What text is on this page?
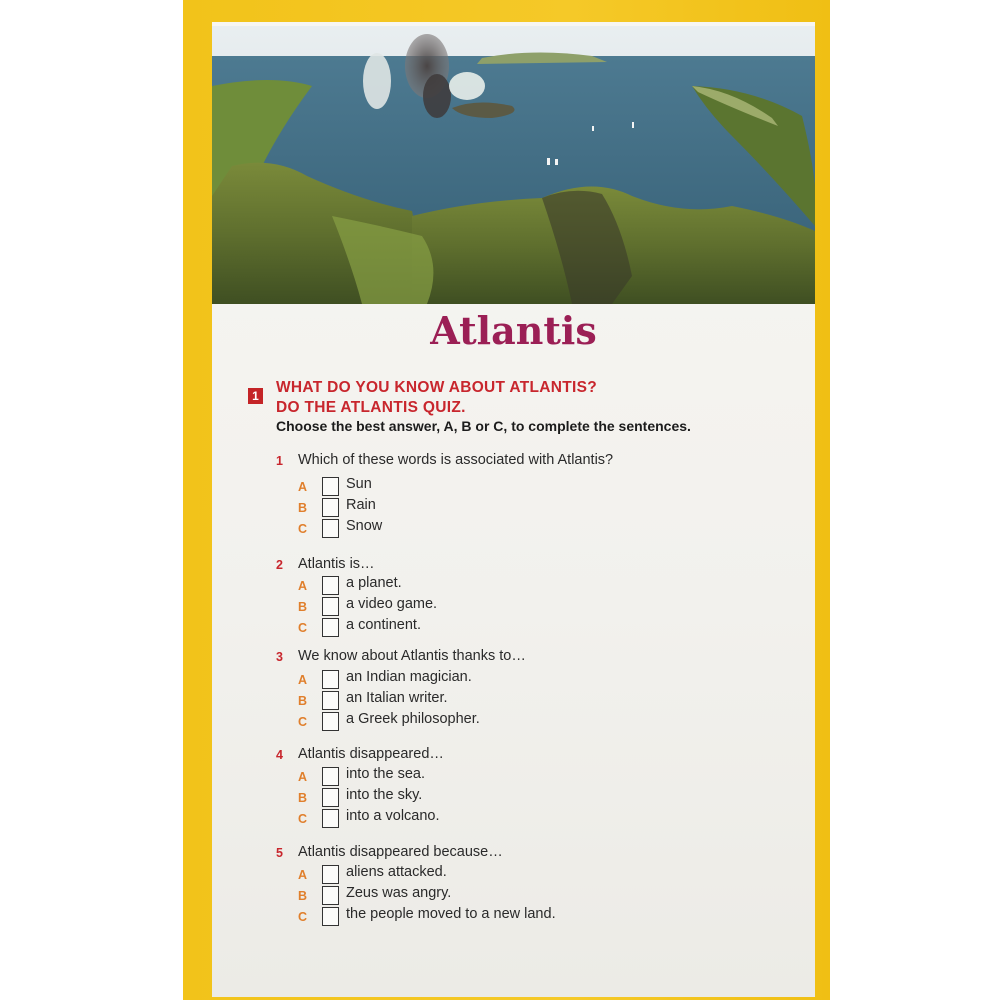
Atlantis
1 WHAT DO YOU KNOW ABOUT ATLANTIS?
DO THE ATLANTIS QUIZ.
Choose the best answer, A, B or C, to complete the sentences.
1 Which of these words is associated with Atlantis?
A	Sun
B	Rain
C	Snow
2 Atlantis is…
A	a planet.
B	a video game.
C	a continent.
3 We know about Atlantis thanks to…
A	an Indian magician.
B	an Italian writer.
C	a Greek philosopher.
4 Atlantis disappeared…
A	into the sea.
B	into the sky.
C	into a volcano.
5 Atlantis disappeared because…
A	aliens attacked.
B	Zeus was angry.
C	the people moved to a new land.
